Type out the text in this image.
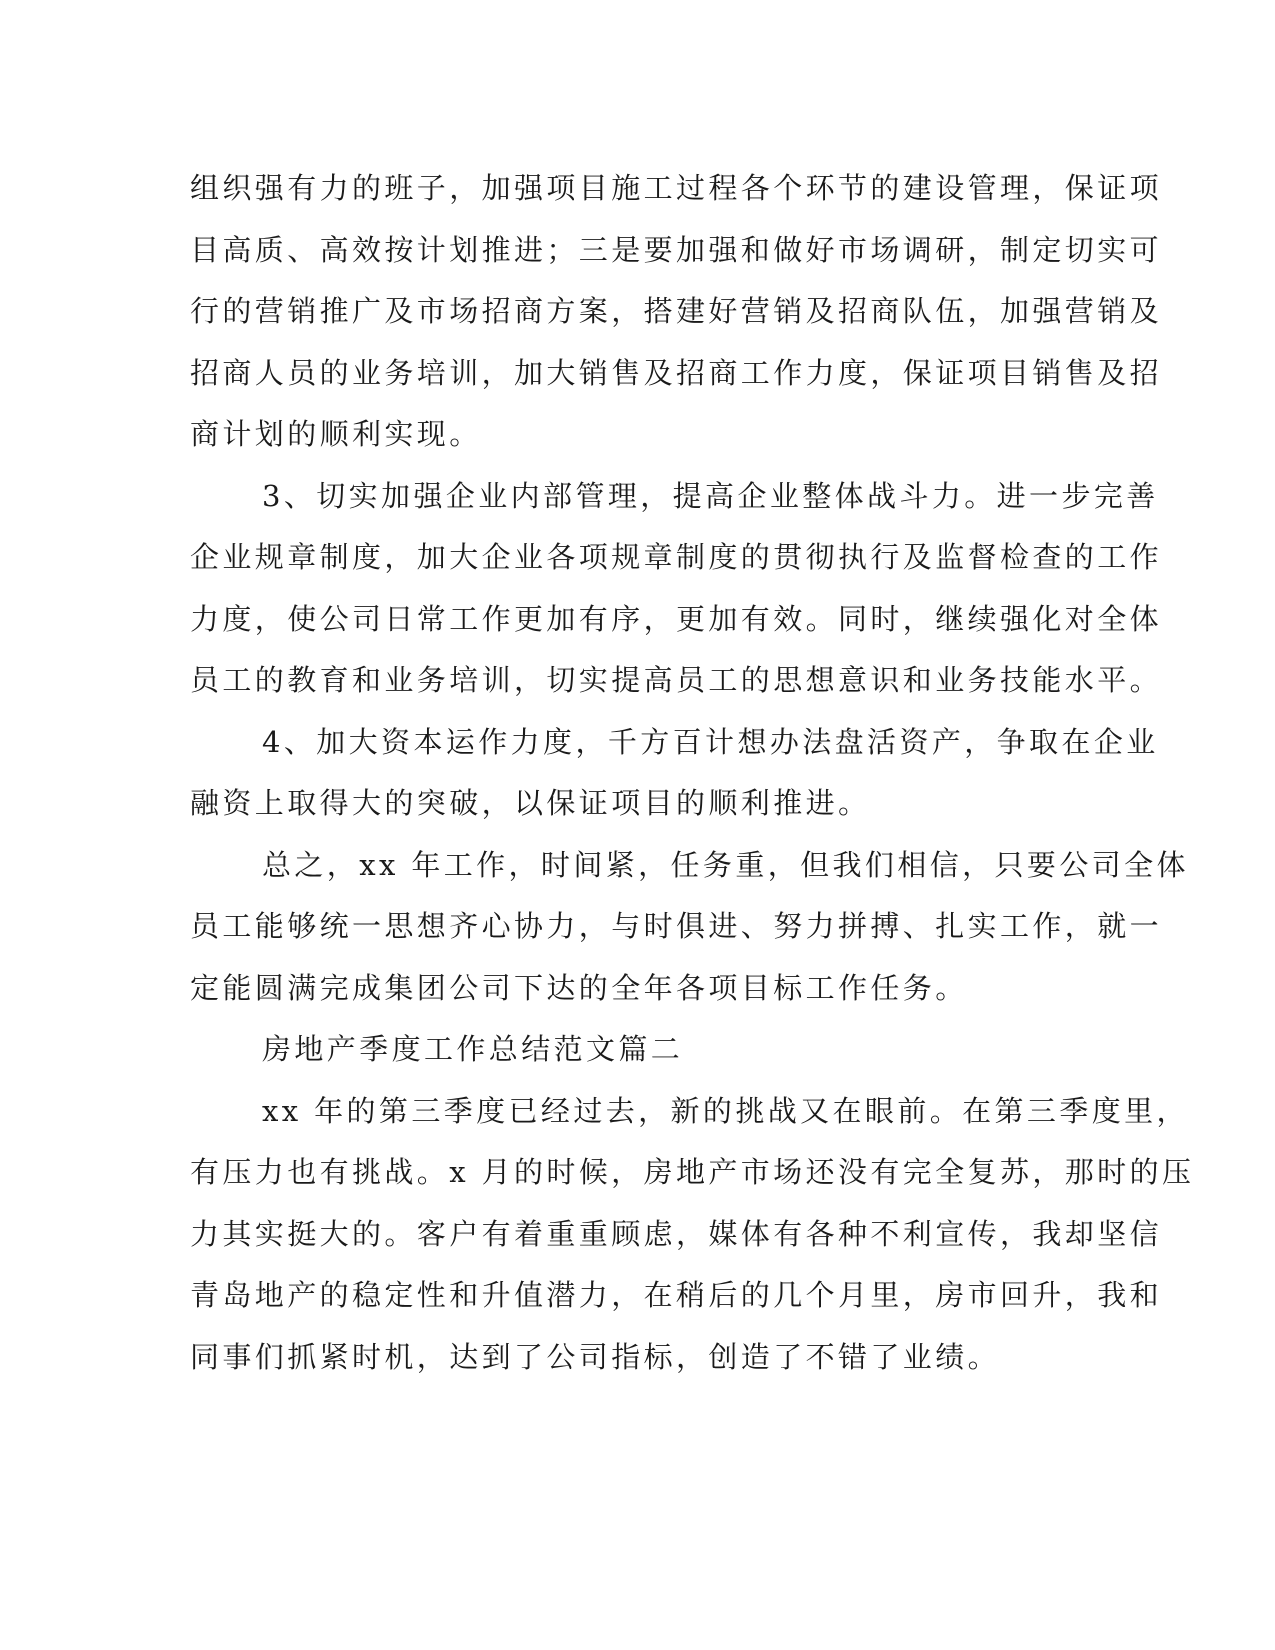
组织强有力的班子，加强项目施工过程各个环节的建设管理，保证项
目高质、高效按计划推进；三是要加强和做好市场调研，制定切实可
行的营销推广及市场招商方案，搭建好营销及招商队伍，加强营销及
招商人员的业务培训，加大销售及招商工作力度，保证项目销售及招
商计划的顺利实现。

3、切实加强企业内部管理，提高企业整体战斗力。进一步完善
企业规章制度，加大企业各项规章制度的贯彻执行及监督检查的工作
力度，使公司日常工作更加有序，更加有效。同时，继续强化对全体
员工的教育和业务培训，切实提高员工的思想意识和业务技能水平。

4、加大资本运作力度，千方百计想办法盘活资产，争取在企业
融资上取得大的突破，以保证项目的顺利推进。

总之，xx 年工作，时间紧，任务重，但我们相信，只要公司全体
员工能够统一思想齐心协力，与时俱进、努力拼搏、扎实工作，就一
定能圆满完成集团公司下达的全年各项目标工作任务。

房地产季度工作总结范文篇二

xx 年的第三季度已经过去，新的挑战又在眼前。在第三季度里，
有压力也有挑战。x 月的时候，房地产市场还没有完全复苏，那时的压
力其实挺大的。客户有着重重顾虑，媒体有各种不利宣传，我却坚信
青岛地产的稳定性和升值潜力，在稍后的几个月里，房市回升，我和
同事们抓紧时机，达到了公司指标，创造了不错了业绩。
